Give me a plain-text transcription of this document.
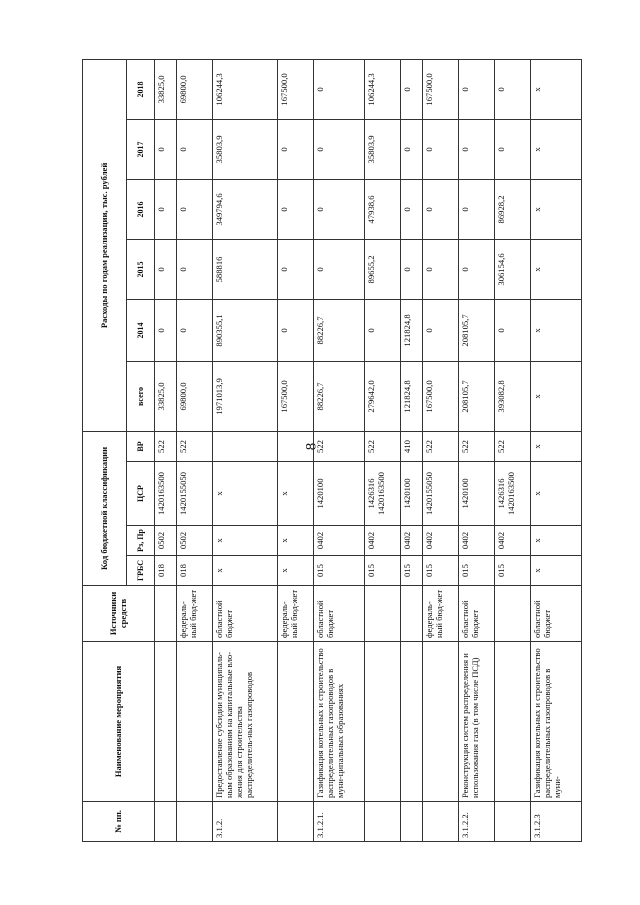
8
№ пп.	Наименование мероприятия	Источники средств	Код бюджетной классификации				Расходы по годам реализации, тыс. рублей					
			ГРБС	Рз, Пр	ЦСР	ВР	всего	2014	2015	2016	2017	2018
			018	0502	1420163500	522	33825,0	0	0	0	0	33825,0
		федераль-ный бюд-жет	018	0502	1420155050	522	69800,0	0	0	0	0	69800,0
3.1.2.	Предоставление субсидии муниципаль-ным образованиям на капитальные вло-жения для строительства распределитель-ных газопроводов	областной бюджет	x	x	x		1971013,9	890355,1	588816	349794,6	35803,9	106244,3
		федераль-ный бюд-жет	x	x	x		167500,0	0	0	0	0	167500,0
3.1.2.1.	Газификация котельных и строительство распределительных газопроводов в муни-ципальных образованиях	областной бюджет	015	0402	1420100	522	88226,7	88226,7	0	0	0	0
			015	0402	1426316 1420163500	522	279642,0	0	89655,2	47938,6	35803,9	106244,3
			015	0402	1420100	410	121824,8	121824,8	0	0	0	0
		федераль-ный бюд-жет	015	0402	1420155050	522	167500,0	0	0	0	0	167500,0
3.1.2.2.	Реконструкция систем распределения и использования газа (в том числе ПСД)	областной бюджет	015	0402	1420100	522	208105,7	208105,7	0	0	0	0
			015	0402	1426316 1420163500	522	393082,8	0	306154,6	86928,2	0	0
3.1.2.3	Газификация котельных и строительство распределительных газопроводов в муни-	областной бюджет	x	x	x	x	x	x	x	x	x	x
